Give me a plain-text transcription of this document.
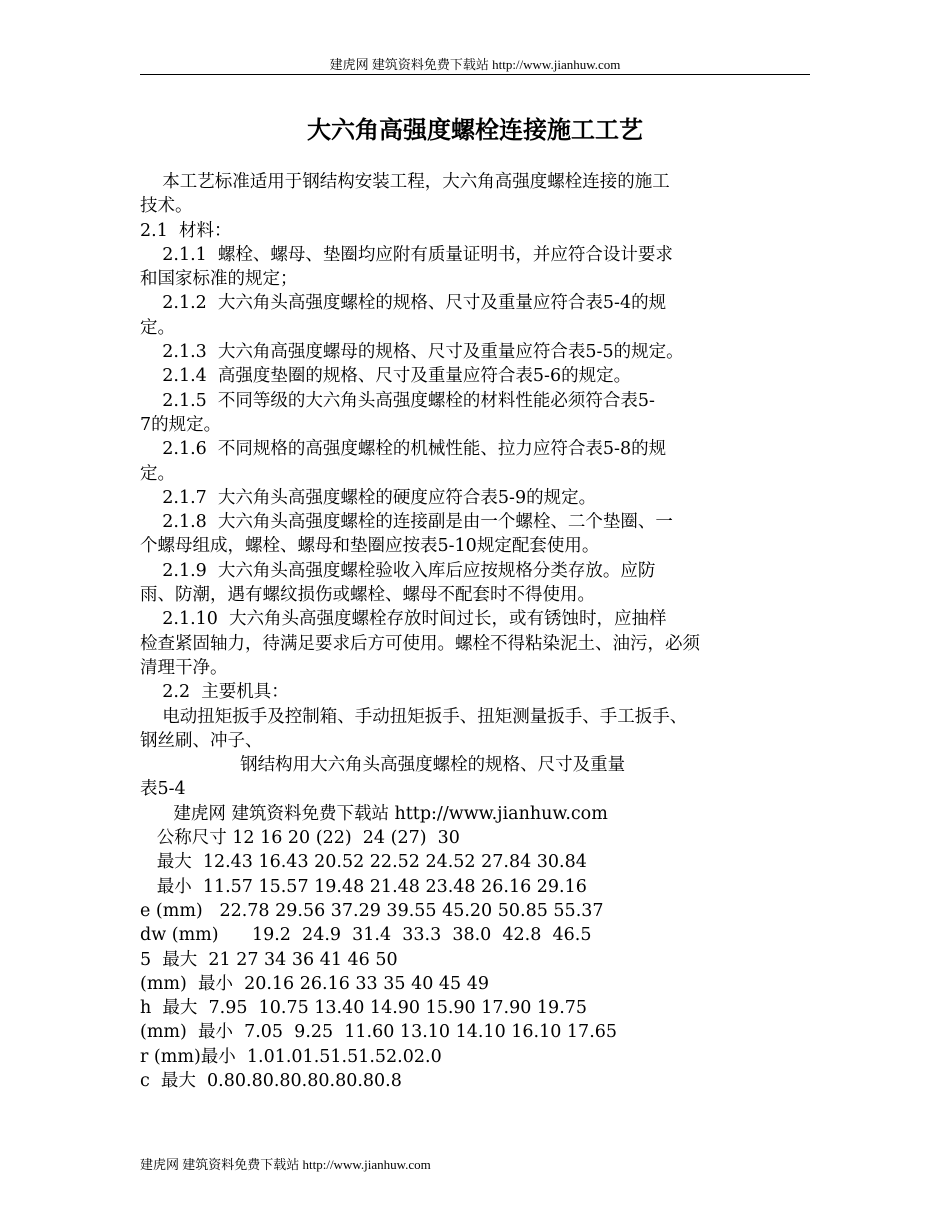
建虎网 建筑资料免费下载站 http://www.jianhuw.com
大六角高强度螺栓连接施工工艺
本工艺标准适用于钢结构安装工程，大六角高强度螺栓连接的施工
技术。
2.1  材料：
2.1.1  螺栓、螺母、垫圈均应附有质量证明书，并应符合设计要求
和国家标准的规定；
2.1.2  大六角头高强度螺栓的规格、尺寸及重量应符合表5-4的规
定。
2.1.3  大六角高强度螺母的规格、尺寸及重量应符合表5-5的规定。
2.1.4  高强度垫圈的规格、尺寸及重量应符合表5-6的规定。
2.1.5  不同等级的大六角头高强度螺栓的材料性能必须符合表5-
7的规定。
2.1.6  不同规格的高强度螺栓的机械性能、拉力应符合表5-8的规
定。
2.1.7  大六角头高强度螺栓的硬度应符合表5-9的规定。
2.1.8  大六角头高强度螺栓的连接副是由一个螺栓、二个垫圈、一
个螺母组成，螺栓、螺母和垫圈应按表5-10规定配套使用。
2.1.9  大六角头高强度螺栓验收入库后应按规格分类存放。应防
雨、防潮，遇有螺纹损伤或螺栓、螺母不配套时不得使用。
2.1.10  大六角头高强度螺栓存放时间过长，或有锈蚀时，应抽样
检查紧固轴力，待满足要求后方可使用。螺栓不得粘染泥土、油污，必须
清理干净。
2.2  主要机具：
电动扭矩扳手及控制箱、手动扭矩扳手、扭矩测量扳手、手工扳手、
钢丝刷、冲子、
钢结构用大六角头高强度螺栓的规格、尺寸及重量
表5-4
建虎网 建筑资料免费下载站 http://www.jianhuw.com
公称尺寸 12 16 20 (22)  24 (27)  30
最大  12.43 16.43 20.52 22.52 24.52 27.84 30.84
最小  11.57 15.57 19.48 21.48 23.48 26.16 29.16
e (mm)   22.78 29.56 37.29 39.55 45.20 50.85 55.37
dw (mm)      19.2  24.9  31.4  33.3  38.0  42.8  46.5
5  最大  21 27 34 36 41 46 50
(mm)  最小  20.16 26.16 33 35 40 45 49
h  最大  7.95  10.75 13.40 14.90 15.90 17.90 19.75
(mm)  最小  7.05  9.25  11.60 13.10 14.10 16.10 17.65
r (mm)最小  1.01.01.51.51.52.02.0
c  最大  0.80.80.80.80.80.80.8
建虎网 建筑资料免费下载站 http://www.jianhuw.com
